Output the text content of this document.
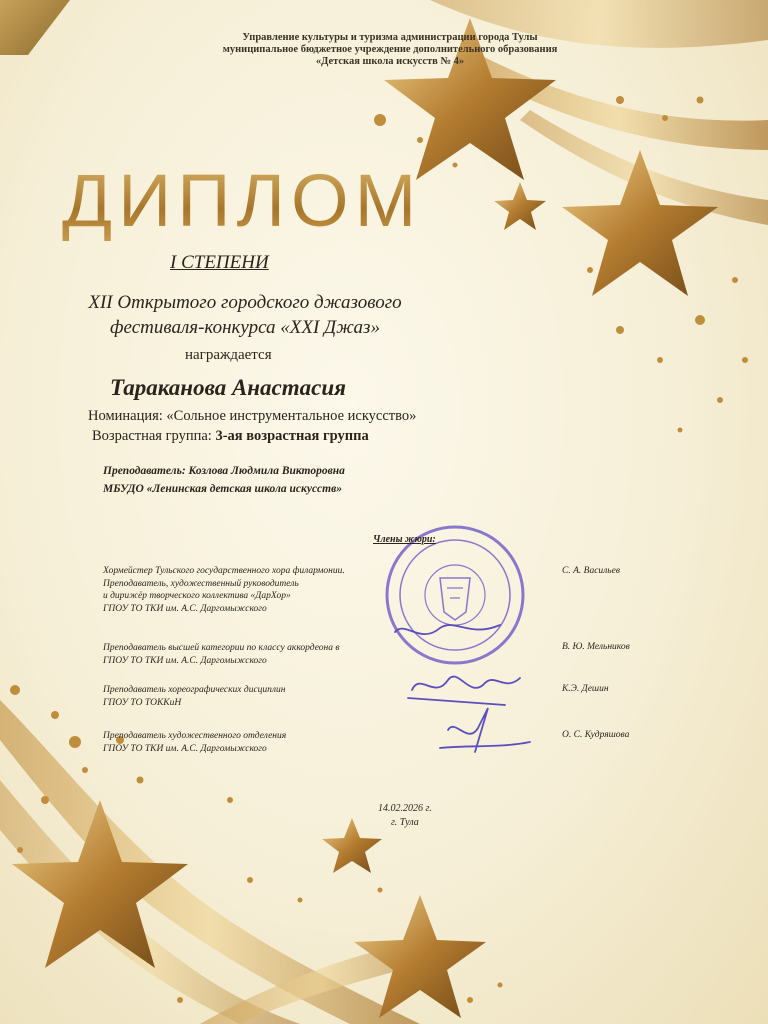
Управление культуры и туризма администрации города Тулы
муниципальное бюджетное учреждение дополнительного образования
«Детская школа искусств № 4»
ДИПЛОМ
I СТЕПЕНИ
XII Открытого городского джазового
фестиваля-конкурса «XXI Джаз»
награждается
Тараканова Анастасия
Номинация: «Сольное инструментальное искусство»
Возрастная группа: 3-ая возрастная группа
Преподаватель: Козлова Людмила Викторовна
МБУДО «Ленинская детская школа искусств»
Члены жюри:
Хормейстер Тульского государственного хора филармонии.
Преподаватель, художественный руководитель
и дирижёр творческого коллектива «ДарХор»
ГПОУ ТО ТКИ им. А.С. Даргомыжского
С. А. Васильев
Преподаватель высшей категории по классу аккордеона в
ГПОУ ТО ТКИ им. А.С. Даргомыжского
В. Ю. Мельников
Преподаватель хореографических дисциплин
ГПОУ ТО ТОККиН
К.Э. Дешин
Преподаватель художественного отделения
ГПОУ ТО ТКИ им. А.С. Даргомыжского
О. С. Кудряшова
14.02.2026 г.
г. Тула
